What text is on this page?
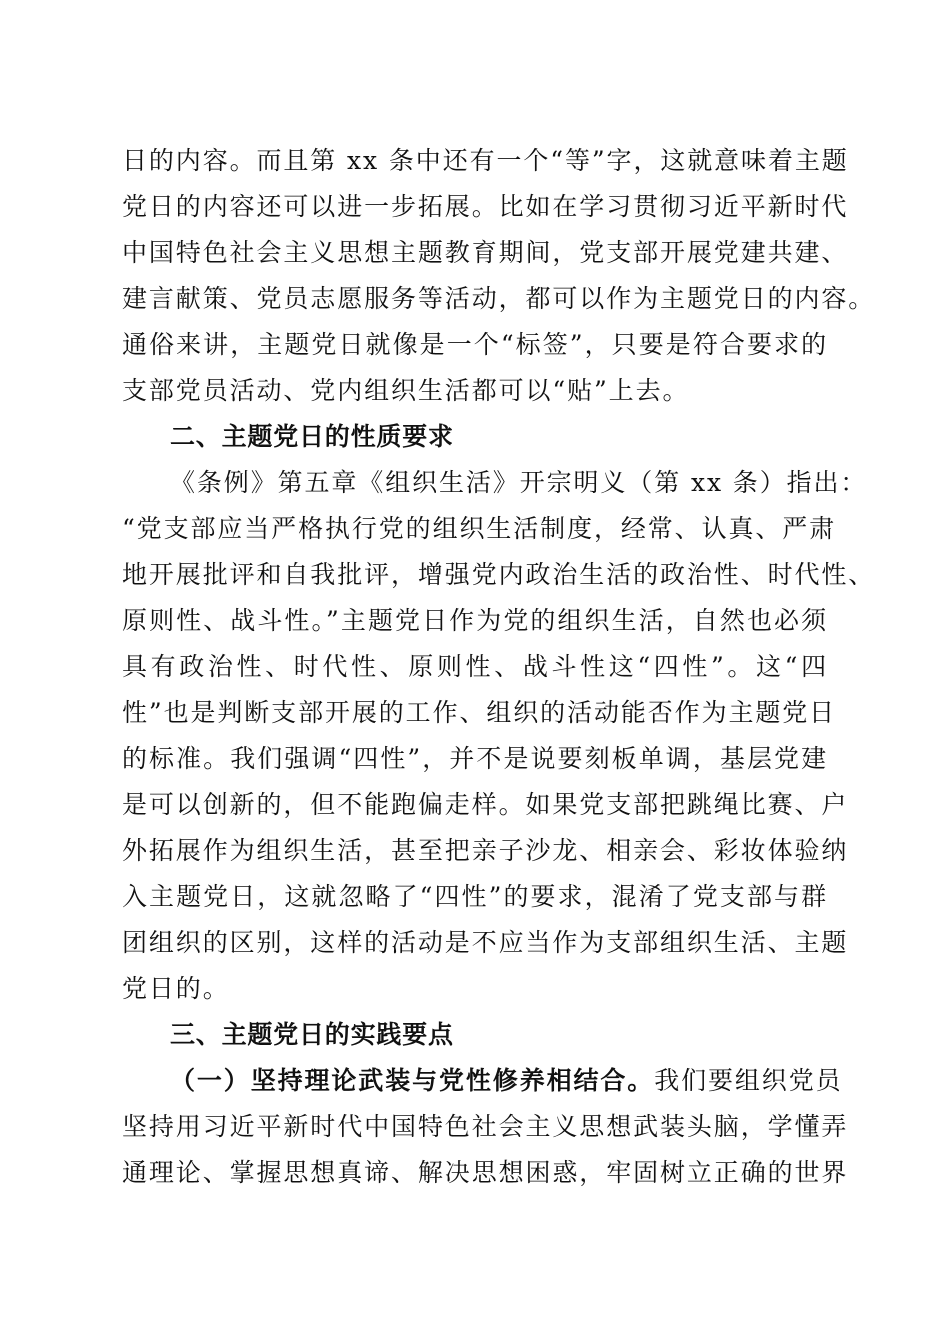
日的内容。而且第 xx 条中还有一个“等”字，这就意味着主题
党日的内容还可以进一步拓展。比如在学习贯彻习近平新时代
中国特色社会主义思想主题教育期间，党支部开展党建共建、
建言献策、党员志愿服务等活动，都可以作为主题党日的内容。
通俗来讲，主题党日就像是一个“标签”，只要是符合要求的
支部党员活动、党内组织生活都可以“贴”上去。
二、主题党日的性质要求
《条例》第五章《组织生活》开宗明义（第 xx 条）指出：
“党支部应当严格执行党的组织生活制度，经常、认真、严肃
地开展批评和自我批评，增强党内政治生活的政治性、时代性、
原则性、战斗性。”主题党日作为党的组织生活，自然也必须
具有政治性、时代性、原则性、战斗性这“四性”。这“四
性”也是判断支部开展的工作、组织的活动能否作为主题党日
的标准。我们强调“四性”，并不是说要刻板单调，基层党建
是可以创新的，但不能跑偏走样。如果党支部把跳绳比赛、户
外拓展作为组织生活，甚至把亲子沙龙、相亲会、彩妆体验纳
入主题党日，这就忽略了“四性”的要求，混淆了党支部与群
团组织的区别，这样的活动是不应当作为支部组织生活、主题
党日的。
三、主题党日的实践要点
（一）坚持理论武装与党性修养相结合。我们要组织党员
坚持用习近平新时代中国特色社会主义思想武装头脑，学懂弄
通理论、掌握思想真谛、解决思想困惑，牢固树立正确的世界
